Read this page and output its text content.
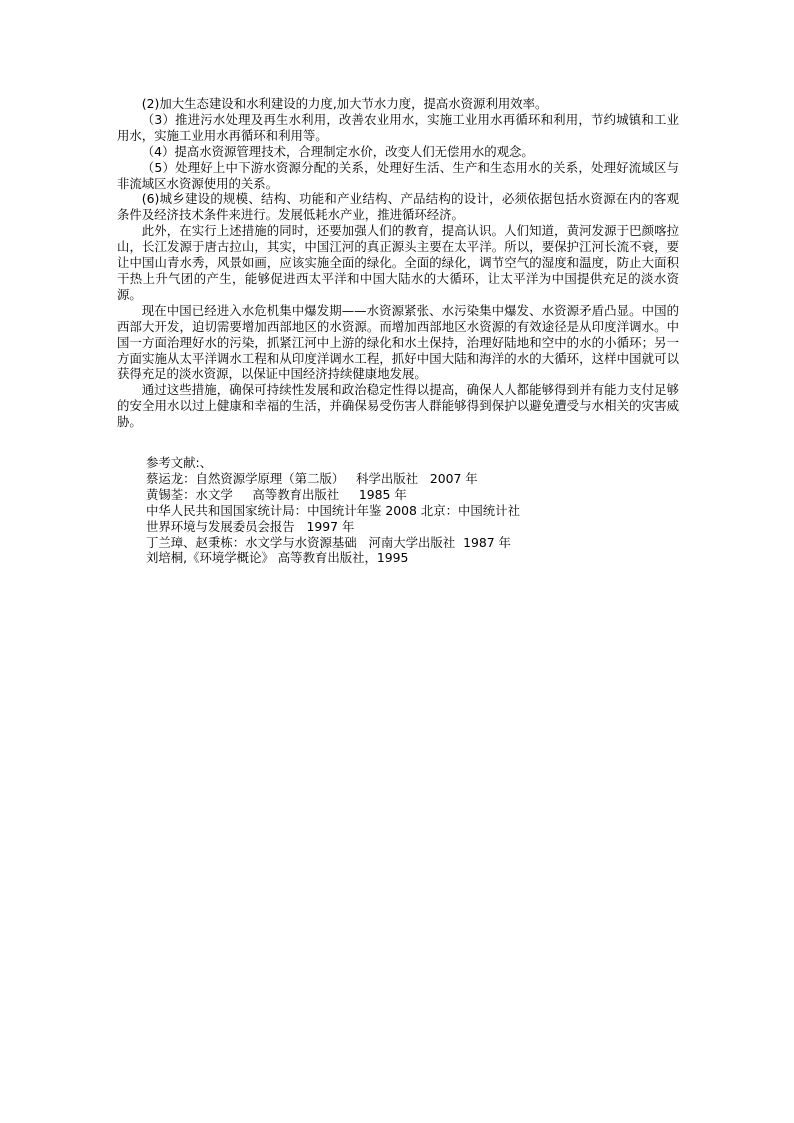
(2)加大生态建设和水利建设的力度,加大节水力度，提高水资源利用效率。

（3）推进污水处理及再生水利用，改善农业用水，实施工业用水再循环和利用，节约城镇和工业用水，实施工业用水再循环和利用等。

（4）提高水资源管理技术，合理制定水价，改变人们无偿用水的观念。

（5）处理好上中下游水资源分配的关系，处理好生活、生产和生态用水的关系，处理好流域区与非流域区水资源使用的关系。

(6)城乡建设的规模、结构、功能和产业结构、产品结构的设计，必须依据包括水资源在内的客观条件及经济技术条件来进行。发展低耗水产业，推进循环经济。

此外，在实行上述措施的同时，还要加强人们的教育，提高认识。人们知道，黄河发源于巴颜喀拉山，长江发源于唐古拉山，其实，中国江河的真正源头主要在太平洋。所以，要保护江河长流不衰，要让中国山青水秀，风景如画，应该实施全面的绿化。全面的绿化，调节空气的湿度和温度，防止大面积干热上升气团的产生，能够促进西太平洋和中国大陆水的大循环，让太平洋为中国提供充足的淡水资源。

现在中国已经进入水危机集中爆发期——水资源紧张、水污染集中爆发、水资源矛盾凸显。中国的西部大开发，迫切需要增加西部地区的水资源。而增加西部地区水资源的有效途径是从印度洋调水。中国一方面治理好水的污染，抓紧江河中上游的绿化和水土保持，治理好陆地和空中的水的小循环；另一方面实施从太平洋调水工程和从印度洋调水工程，抓好中国大陆和海洋的水的大循环，这样中国就可以获得充足的淡水资源，以保证中国经济持续健康地发展。

通过这些措施，确保可持续性发展和政治稳定性得以提高，确保人人都能够得到并有能力支付足够的安全用水以过上健康和幸福的生活，并确保易受伤害人群能够得到保护以避免遭受与水相关的灾害威胁。

参考文献:、

蔡运龙：自然资源学原理（第二版）   科学出版社   2007 年

黄锡荃：水文学     高等教育出版社     1985 年

中华人民共和国国家统计局：中国统计年鉴 2008 北京：中国统计社

世界环境与发展委员会报告   1997 年

丁兰璋、赵秉栋：水文学与水资源基础   河南大学出版社  1987 年

刘培桐,《环境学概论》 高等教育出版社，1995
